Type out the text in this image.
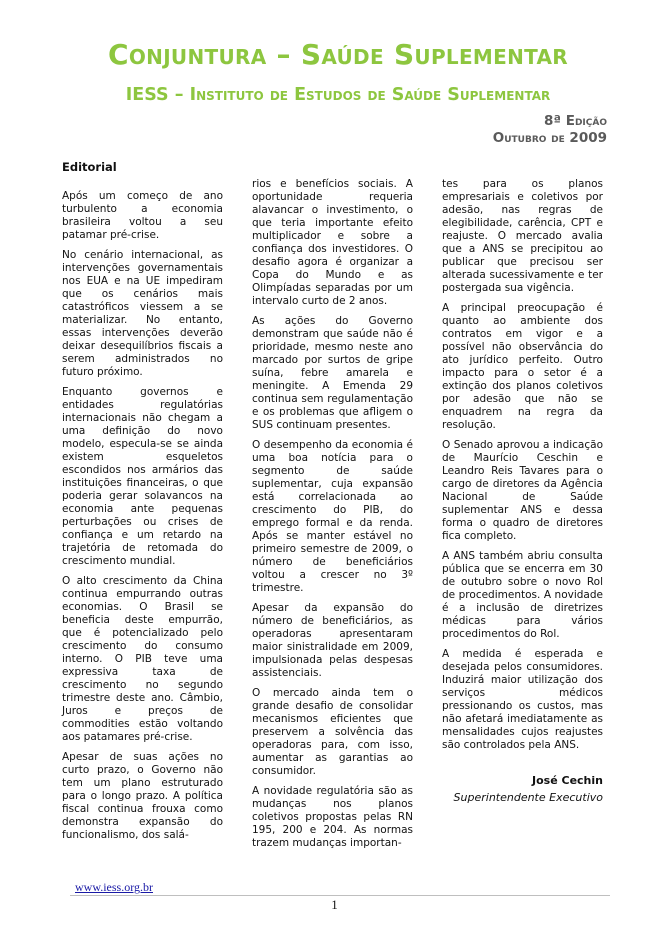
Conjuntura – Saúde Suplementar
IESS – Instituto de Estudos de Saúde Suplementar
8ª Edição
Outubro de 2009
Editorial

Após um começo de ano turbulento a economia brasileira voltou a seu patamar pré-crise.

No cenário internacional, as intervenções governamentais nos EUA e na UE impediram que os cenários mais catastróficos viessem a se materializar. No entanto, essas intervenções deverão deixar desequilíbrios fiscais a serem administrados no futuro próximo.

Enquanto governos e entidades regulatórias internacionais não chegam a uma definição do novo modelo, especula-se se ainda existem esqueletos escondidos nos armários das instituições financeiras, o que poderia gerar solavancos na economia ante pequenas perturbações ou crises de confiança e um retardo na trajetória de retomada do crescimento mundial.

O alto crescimento da China continua empurrando outras economias. O Brasil se beneficia deste empurrão, que é potencializado pelo crescimento do consumo interno. O PIB teve uma expressiva taxa de crescimento no segundo trimestre deste ano. Câmbio, Juros e preços de commodities estão voltando aos patamares pré-crise.

Apesar de suas ações no curto prazo, o Governo não tem um plano estruturado para o longo prazo. A política fiscal continua frouxa como demonstra expansão do funcionalismo, dos salá-

rios e benefícios sociais. A oportunidade requeria alavancar o investimento, o que teria importante efeito multiplicador e sobre a confiança dos investidores. O desafio agora é organizar a Copa do Mundo e as Olimpíadas separadas por um intervalo curto de 2 anos.

As ações do Governo demonstram que saúde não é prioridade, mesmo neste ano marcado por surtos de gripe suína, febre amarela e meningite. A Emenda 29 continua sem regulamentação e os problemas que afligem o SUS continuam presentes.

O desempenho da economia é uma boa notícia para o segmento de saúde suplementar, cuja expansão está correlacionada ao crescimento do PIB, do emprego formal e da renda. Após se manter estável no primeiro semestre de 2009, o número de beneficiários voltou a crescer no 3º trimestre.

Apesar da expansão do número de beneficiários, as operadoras apresentaram maior sinistralidade em 2009, impulsionada pelas despesas assistenciais.

O mercado ainda tem o grande desafio de consolidar mecanismos eficientes que preservem a solvência das operadoras para, com isso, aumentar as garantias ao consumidor.

A novidade regulatória são as mudanças nos planos coletivos propostas pelas RN 195, 200 e 204. As normas trazem mudanças importan-

tes para os planos empresariais e coletivos por adesão, nas regras de elegibilidade, carência, CPT e reajuste. O mercado avalia que a ANS se precipitou ao publicar que precisou ser alterada sucessivamente e ter postergada sua vigência.

A principal preocupação é quanto ao ambiente dos contratos em vigor e a possível não observância do ato jurídico perfeito. Outro impacto para o setor é a extinção dos planos coletivos por adesão que não se enquadrem na regra da resolução.

O Senado aprovou a indicação de Maurício Ceschin e Leandro Reis Tavares para o cargo de diretores da Agência Nacional de Saúde suplementar ANS e dessa forma o quadro de diretores fica completo.

A ANS também abriu consulta pública que se encerra em 30 de outubro sobre o novo Rol de procedimentos. A novidade é a inclusão de diretrizes médicas para vários procedimentos do Rol.

A medida é esperada e desejada pelos consumidores. Induzirá maior utilização dos serviços médicos pressionando os custos, mas não afetará imediatamente as mensalidades cujos reajustes são controlados pela ANS.

José Cechin
Superintendente Executivo
www.iess.org.br
1
